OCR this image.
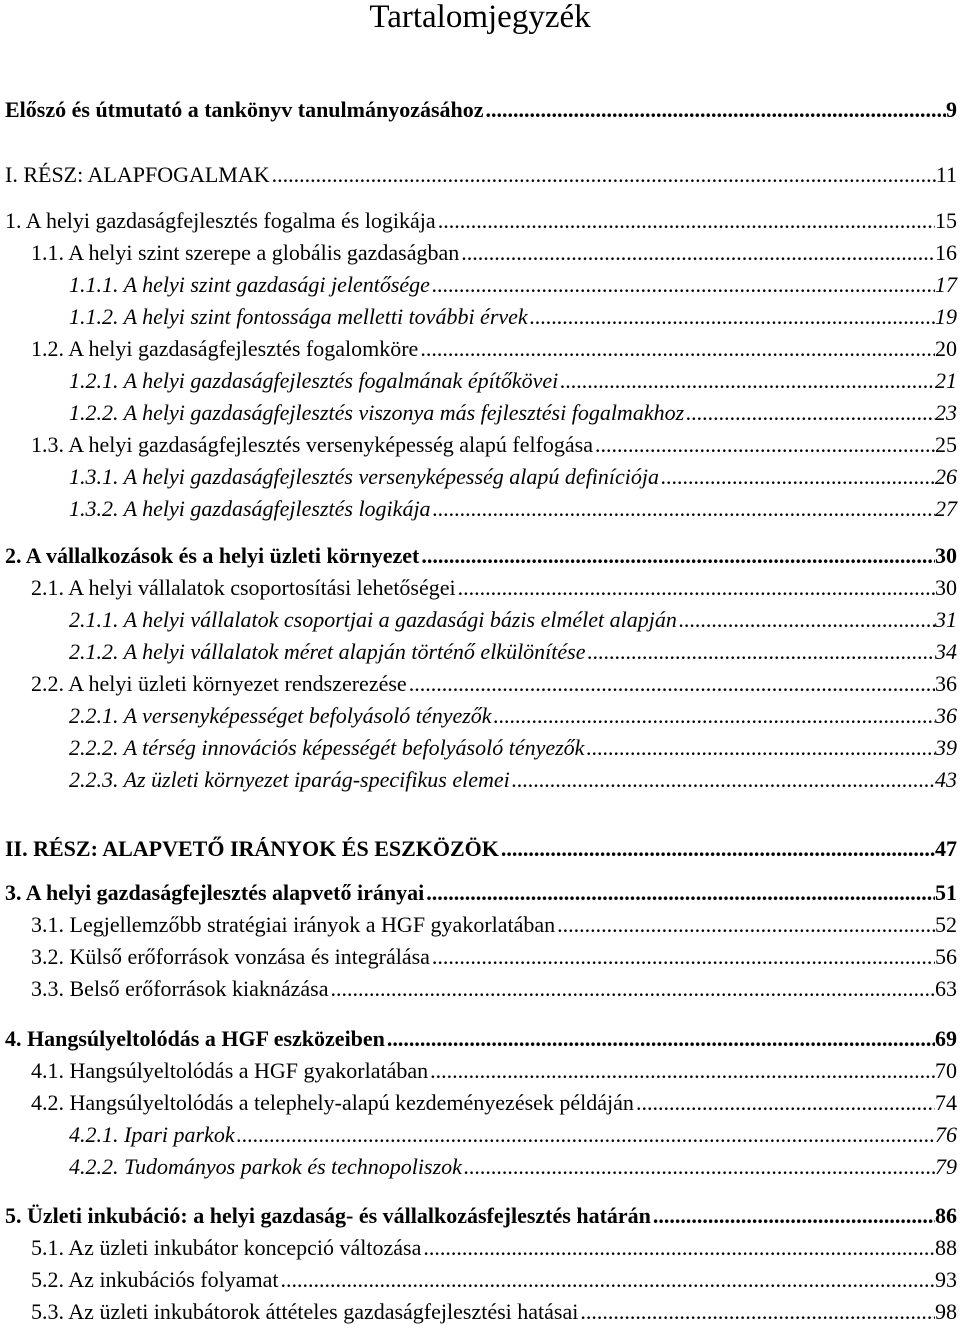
Tartalomjegyzék
Előszó és útmutató a tankönyv tanulmányozásához .....	9
I. RÉSZ: ALAPFOGALMAK .....	11
1. A helyi gazdaságfejlesztés fogalma és logikája .....	15
1.1. A helyi szint szerepe a globális gazdaságban .....	16
1.1.1. A helyi szint gazdasági jelentősége .....	17
1.1.2. A helyi szint fontossága melletti további érvek .....	19
1.2. A helyi gazdaságfejlesztés fogalomköre .....	20
1.2.1. A helyi gazdaságfejlesztés fogalmának építőkövei .....	21
1.2.2. A helyi gazdaságfejlesztés viszonya más fejlesztési fogalmakhoz .....	23
1.3. A helyi gazdaságfejlesztés versenyképesség alapú felfogása .....	25
1.3.1. A helyi gazdaságfejlesztés versenyképesség alapú definíciója .....	26
1.3.2. A helyi gazdaságfejlesztés logikája .....	27
2. A vállalkozások és a helyi üzleti környezet .....	30
2.1. A helyi vállalatok csoportosítási lehetőségei .....	30
2.1.1. A helyi vállalatok csoportjai a gazdasági bázis elmélet alapján .....	31
2.1.2. A helyi vállalatok méret alapján történő elkülönítése .....	34
2.2. A helyi üzleti környezet rendszerezése .....	36
2.2.1. A versenyképességet befolyásoló tényezők .....	36
2.2.2. A térség innovációs képességét befolyásoló tényezők .....	39
2.2.3. Az üzleti környezet iparág-specifikus elemei .....	43
II. RÉSZ: ALAPVETŐ IRÁNYOK ÉS ESZKÖZÖK .....	47
3. A helyi gazdaságfejlesztés alapvető irányai .....	51
3.1. Legjellemzőbb stratégiai irányok a HGF gyakorlatában .....	52
3.2. Külső erőforrások vonzása és integrálása .....	56
3.3. Belső erőforrások kiaknázása .....	63
4. Hangsúlyeltolódás a HGF eszközeiben .....	69
4.1. Hangsúlyeltolódás a HGF gyakorlatában .....	70
4.2. Hangsúlyeltolódás a telephely-alapú kezdeményezések példáján .....	74
4.2.1. Ipari parkok .....	76
4.2.2. Tudományos parkok és technopoliszok .....	79
5. Üzleti inkubáció: a helyi gazdaság- és vállalkozásfejlesztés határán .....	86
5.1. Az üzleti inkubátor koncepció változása .....	88
5.2. Az inkubációs folyamat .....	93
5.3. Az üzleti inkubátorok áttételes gazdaságfejlesztési hatásai .....	98
